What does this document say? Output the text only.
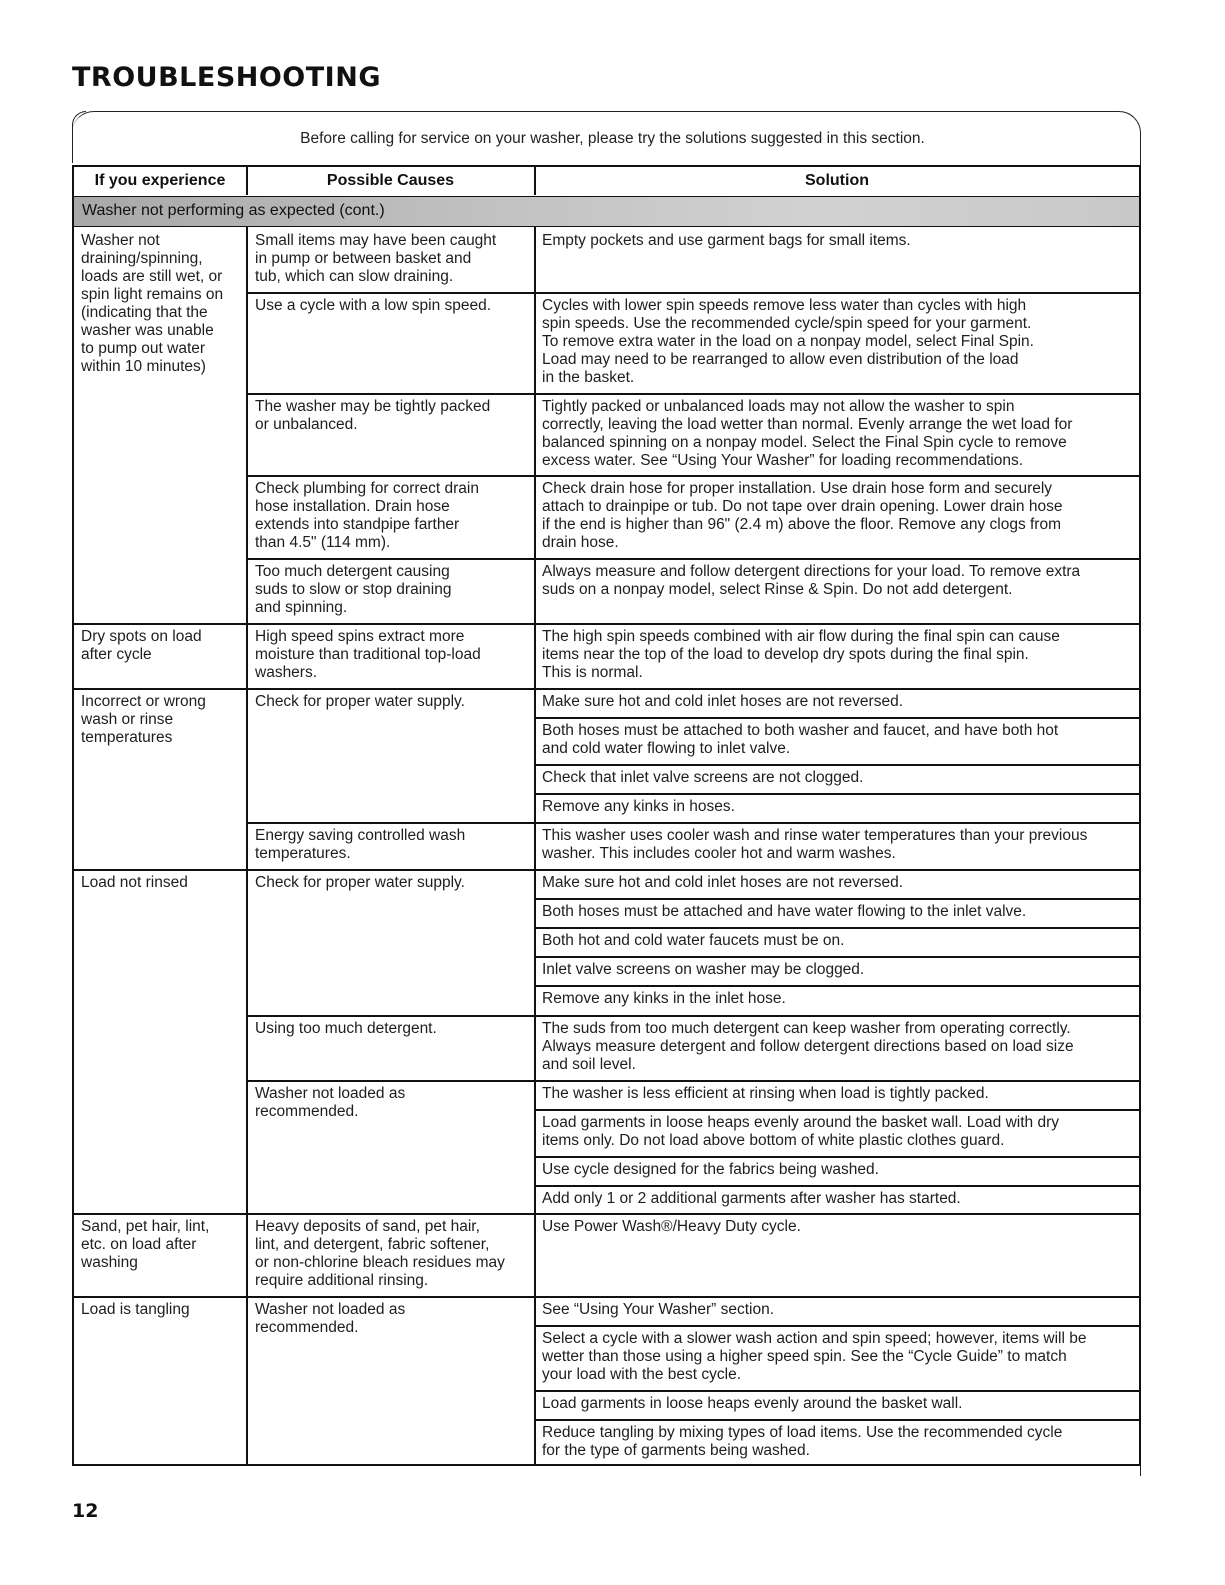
TROUBLESHOOTING
Before calling for service on your washer, please try the solutions suggested in this section.
If you experience	Possible Causes	Solution
Washer not performing as expected (cont.)
Washer not
draining/spinning,
loads are still wet, or
spin light remains on
(indicating that the
washer was unable
to pump out water
within 10 minutes)
Dry spots on load
after cycle
Incorrect or wrong
wash or rinse
temperatures
Load not rinsed
Sand, pet hair, lint,
etc. on load after
washing
Load is tangling
Small items may have been caught
in pump or between basket and
tub, which can slow draining.
Use a cycle with a low spin speed.
The washer may be tightly packed
or unbalanced.
Check plumbing for correct drain
hose installation. Drain hose
extends into standpipe farther
than 4.5" (114 mm).
Too much detergent causing
suds to slow or stop draining
and spinning.
High speed spins extract more
moisture than traditional top-load
washers.
Check for proper water supply.
Energy saving controlled wash
temperatures.
Check for proper water supply.
Using too much detergent.
Washer not loaded as
recommended.
Heavy deposits of sand, pet hair,
lint, and detergent, fabric softener,
or non-chlorine bleach residues may
require additional rinsing.
Washer not loaded as
recommended.
Empty pockets and use garment bags for small items.
Cycles with lower spin speeds remove less water than cycles with high
spin speeds. Use the recommended cycle/spin speed for your garment.
To remove extra water in the load on a nonpay model, select Final Spin.
Load may need to be rearranged to allow even distribution of the load
in the basket.
Tightly packed or unbalanced loads may not allow the washer to spin
correctly, leaving the load wetter than normal. Evenly arrange the wet load for
balanced spinning on a nonpay model. Select the Final Spin cycle to remove
excess water. See “Using Your Washer” for loading recommendations.
Check drain hose for proper installation. Use drain hose form and securely
attach to drainpipe or tub. Do not tape over drain opening. Lower drain hose
if the end is higher than 96" (2.4 m) above the floor. Remove any clogs from
drain hose.
Always measure and follow detergent directions for your load. To remove extra
suds on a nonpay model, select Rinse & Spin. Do not add detergent.
The high spin speeds combined with air flow during the final spin can cause
items near the top of the load to develop dry spots during the final spin.
This is normal.
Make sure hot and cold inlet hoses are not reversed.
Both hoses must be attached to both washer and faucet, and have both hot
and cold water flowing to inlet valve.
Check that inlet valve screens are not clogged.
Remove any kinks in hoses.
This washer uses cooler wash and rinse water temperatures than your previous
washer. This includes cooler hot and warm washes.
Make sure hot and cold inlet hoses are not reversed.
Both hoses must be attached and have water flowing to the inlet valve.
Both hot and cold water faucets must be on.
Inlet valve screens on washer may be clogged.
Remove any kinks in the inlet hose.
The suds from too much detergent can keep washer from operating correctly.
Always measure detergent and follow detergent directions based on load size
and soil level.
The washer is less efficient at rinsing when load is tightly packed.
Load garments in loose heaps evenly around the basket wall. Load with dry
items only. Do not load above bottom of white plastic clothes guard.
Use cycle designed for the fabrics being washed.
Add only 1 or 2 additional garments after washer has started.
Use Power Wash®/Heavy Duty cycle.
See “Using Your Washer” section.
Select a cycle with a slower wash action and spin speed; however, items will be
wetter than those using a higher speed spin. See the “Cycle Guide” to match
your load with the best cycle.
Load garments in loose heaps evenly around the basket wall.
Reduce tangling by mixing types of load items. Use the recommended cycle
for the type of garments being washed.
12
